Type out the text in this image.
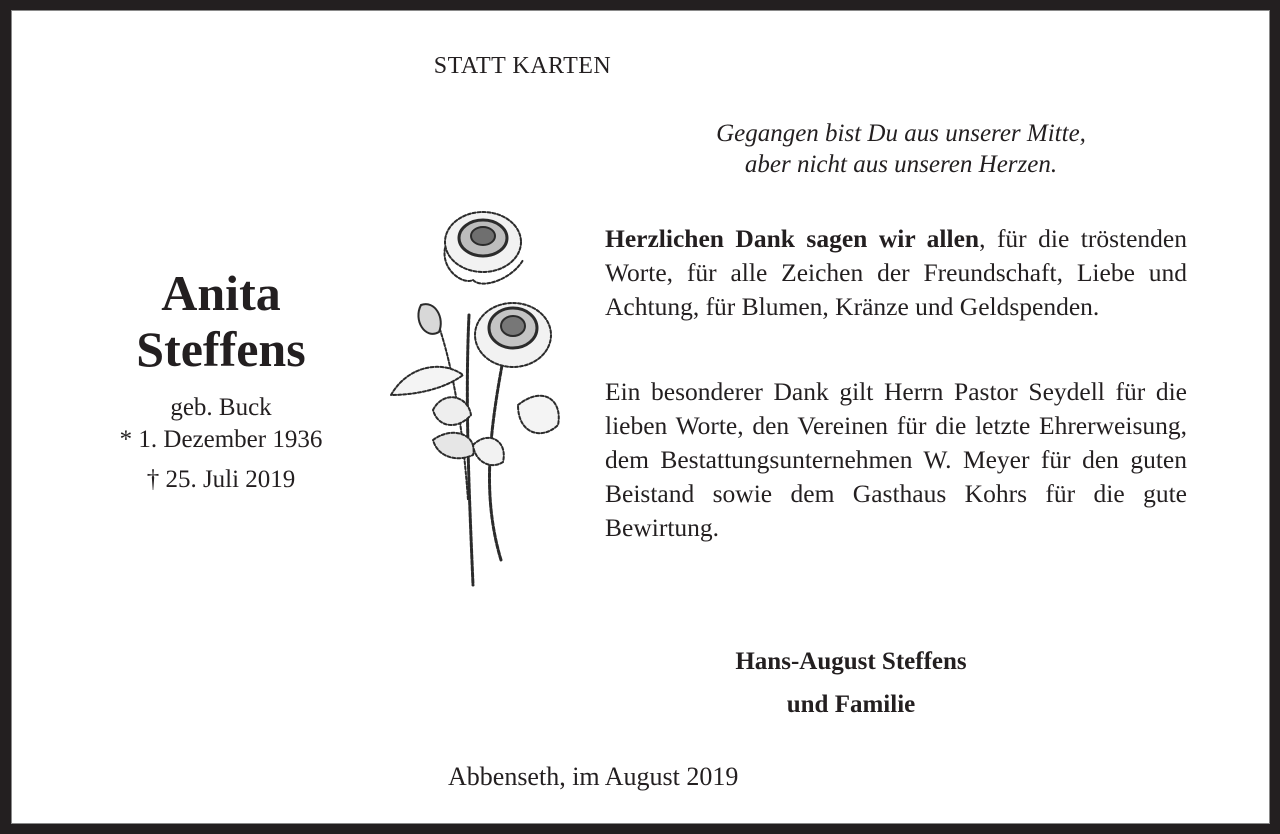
STATT KARTEN
Gegangen bist Du aus unserer Mitte,
aber nicht aus unseren Herzen.
Anita
Steffens
geb. Buck
* 1. Dezember 1936
† 25. Juli 2019
Herzlichen Dank sagen wir allen, für die tröstenden Worte, für alle Zeichen der Freundschaft, Liebe und Achtung, für Blumen, Kränze und Geldspenden.
Ein besonderer Dank gilt Herrn Pastor Seydell für die lieben Worte, den Vereinen für die letzte Ehrerweisung, dem Bestattungsunternehmen W. Meyer für den guten Beistand sowie dem Gasthaus Kohrs für die gute Bewirtung.
Hans-August Steffens
und Familie
Abbenseth, im August 2019
